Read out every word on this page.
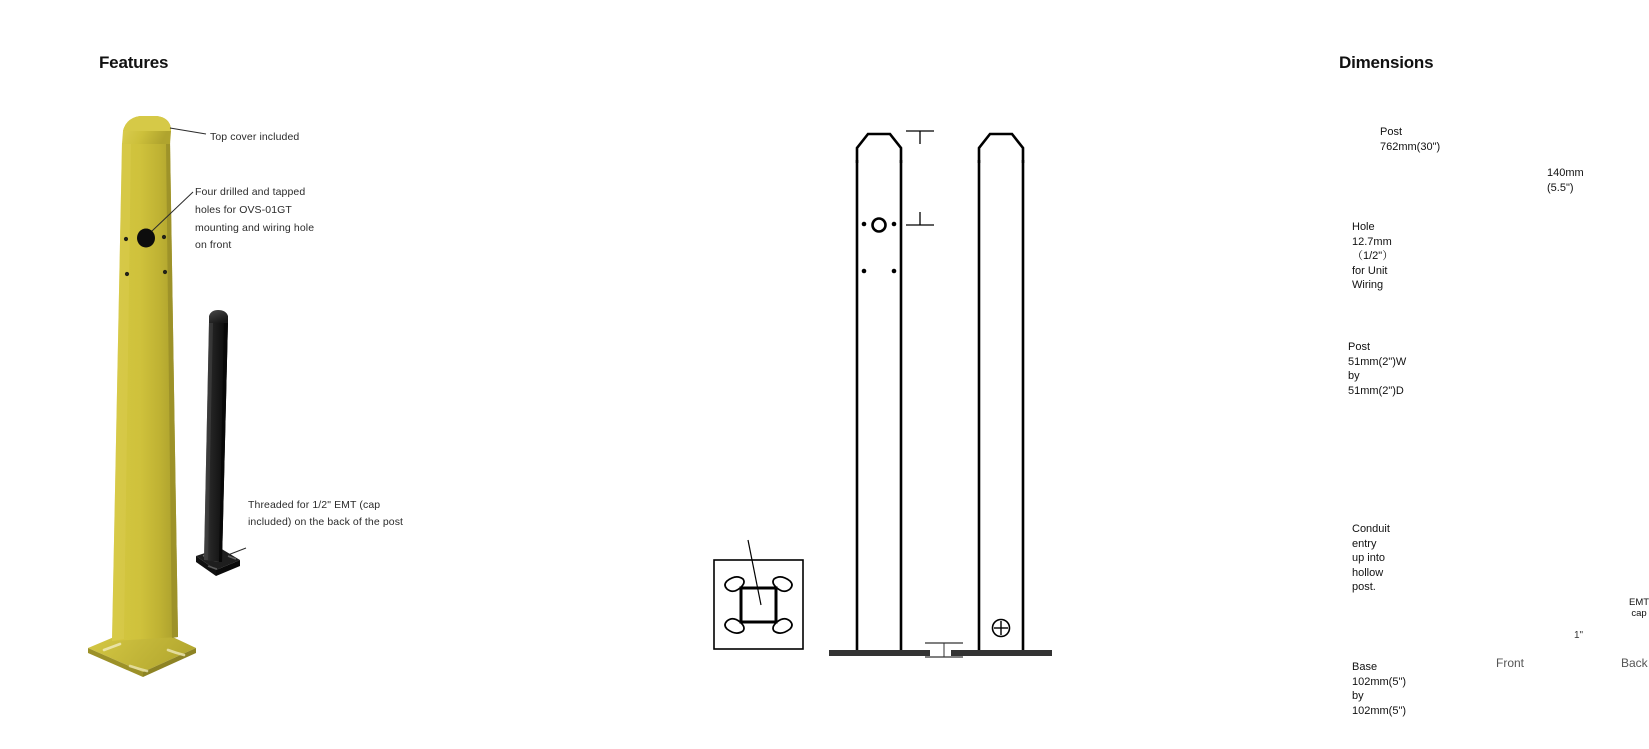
Features
Top cover included
Four drilled and tapped holes for OVS-01GT mounting and wiring hole on front
Threaded for 1/2" EMT (cap included) on the back of the post
Dimensions
Post 762mm(30")
140mm
(5.5")
Hole 12.7mm （1/2"）
for Unit Wiring
Post
51mm(2")W by 51mm(2")D
Conduit entry up into
hollow post.
Base
102mm(5") by 102mm(5")
Front	Back
EMT
cap
1"
